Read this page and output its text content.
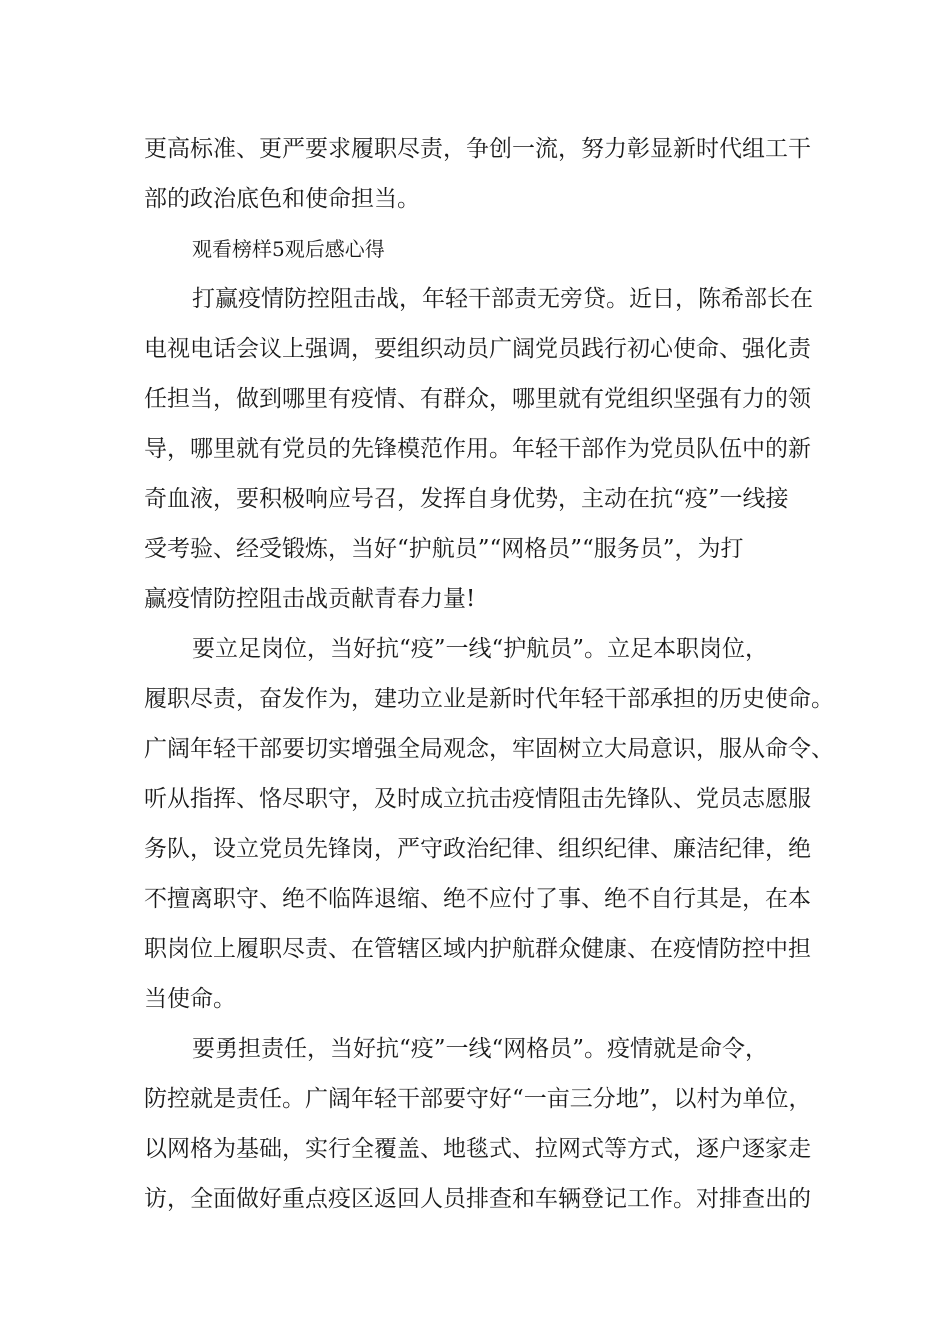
更高标准、更严要求履职尽责，争创一流，努力彰显新时代组工干

部的政治底色和使命担当。

观看榜样5观后感心得

打赢疫情防控阻击战，年轻干部责无旁贷。近日，陈希部长在

电视电话会议上强调，要组织动员广阔党员践行初心使命、强化责

任担当，做到哪里有疫情、有群众，哪里就有党组织坚强有力的领

导，哪里就有党员的先锋模范作用。年轻干部作为党员队伍中的新

奇血液，要积极响应号召，发挥自身优势，主动在抗“疫”一线接

受考验、经受锻炼，当好“护航员”“网格员”“服务员”，为打

赢疫情防控阻击战贡献青春力量!

要立足岗位，当好抗“疫”一线“护航员”。立足本职岗位，

履职尽责，奋发作为，建功立业是新时代年轻干部承担的历史使命。

广阔年轻干部要切实增强全局观念，牢固树立大局意识，服从命令、

听从指挥、恪尽职守，及时成立抗击疫情阻击先锋队、党员志愿服

务队，设立党员先锋岗，严守政治纪律、组织纪律、廉洁纪律，绝

不擅离职守、绝不临阵退缩、绝不应付了事、绝不自行其是，在本

职岗位上履职尽责、在管辖区域内护航群众健康、在疫情防控中担

当使命。

要勇担责任，当好抗“疫”一线“网格员”。疫情就是命令，

防控就是责任。广阔年轻干部要守好“一亩三分地”，以村为单位，

以网格为基础，实行全覆盖、地毯式、拉网式等方式，逐户逐家走

访，全面做好重点疫区返回人员排查和车辆登记工作。对排查出的
